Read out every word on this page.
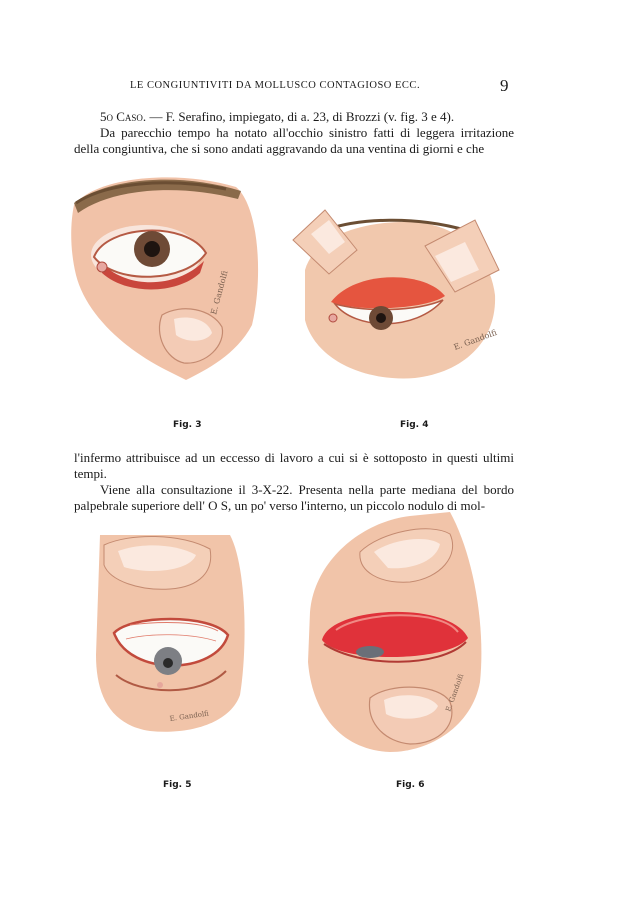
LE CONGIUNTIVITI DA MOLLUSCO CONTAGIOSO ECC.	9

5o Caso. — F. Serafino, impiegato, di a. 23, di Brozzi (v. fig. 3 e 4).

Da parecchio tempo ha notato all'occhio sinistro fatti di leggera irritazione della congiuntiva, che si sono andati aggravando da una ventina di giorni e che

E. Gandolfi
E. Gandolfi
Fig. 3	Fig. 4

l'infermo attribuisce ad un eccesso di lavoro a cui si è sottoposto in questi ultimi tempi.

Viene alla consultazione il 3-X-22. Presenta nella parte mediana del bordo palpebrale superiore dell' O S, un po' verso l'interno, un piccolo nodulo di mol-

E. Gandolfi
E. Gandolfi
Fig. 5	Fig. 6
